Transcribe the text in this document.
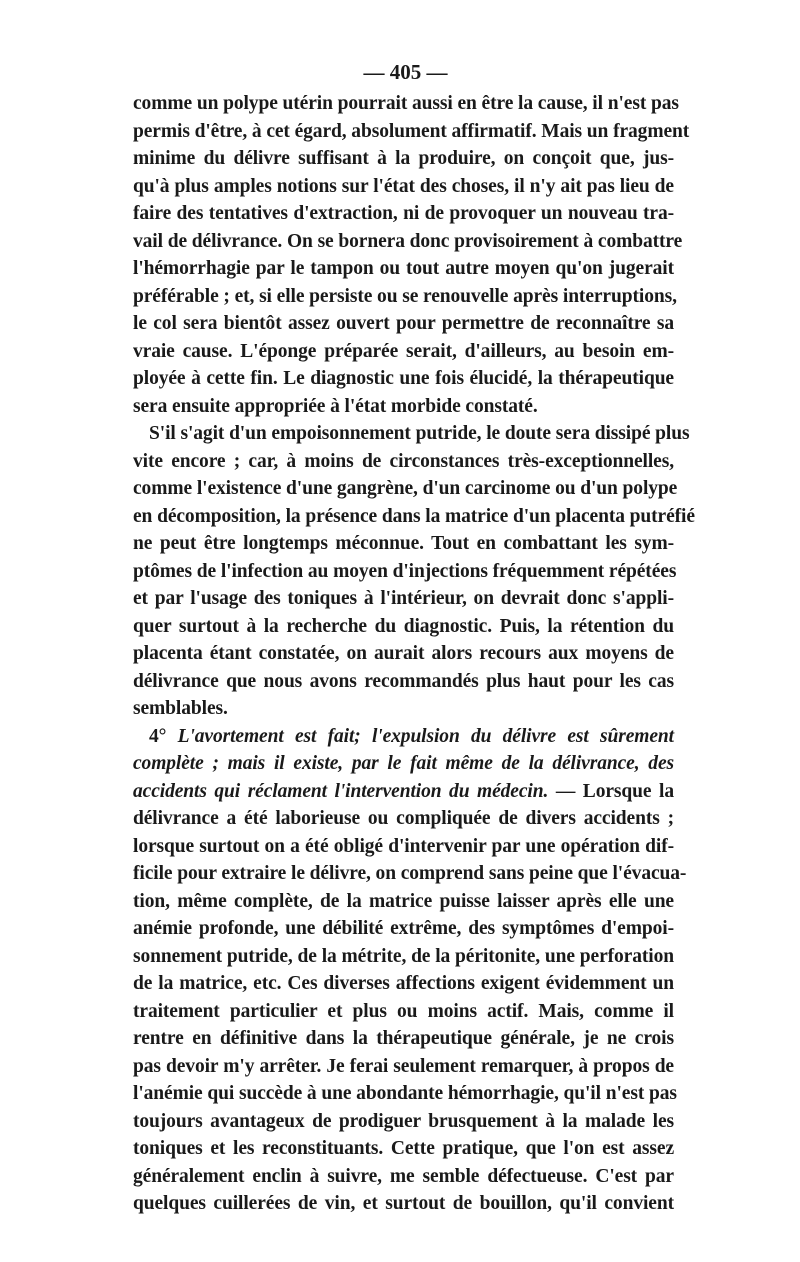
— 405 —
comme un polype utérin pourrait aussi en être la cause, il n'est pas
permis d'être, à cet égard, absolument affirmatif. Mais un fragment
minime du délivre suffisant à la produire, on conçoit que, jus-
qu'à plus amples notions sur l'état des choses, il n'y ait pas lieu de
faire des tentatives d'extraction, ni de provoquer un nouveau tra-
vail de délivrance. On se bornera donc provisoirement à combattre
l'hémorrhagie par le tampon ou tout autre moyen qu'on jugerait
préférable ; et, si elle persiste ou se renouvelle après interruptions,
le col sera bientôt assez ouvert pour permettre de reconnaître sa
vraie cause. L'éponge préparée serait, d'ailleurs, au besoin em-
ployée à cette fin. Le diagnostic une fois élucidé, la thérapeutique
sera ensuite appropriée à l'état morbide constaté.
S'il s'agit d'un empoisonnement putride, le doute sera dissipé plus
vite encore ; car, à moins de circonstances très-exceptionnelles,
comme l'existence d'une gangrène, d'un carcinome ou d'un polype
en décomposition, la présence dans la matrice d'un placenta putréfié
ne peut être longtemps méconnue. Tout en combattant les sym-
ptômes de l'infection au moyen d'injections fréquemment répétées
et par l'usage des toniques à l'intérieur, on devrait donc s'appli-
quer surtout à la recherche du diagnostic. Puis, la rétention du
placenta étant constatée, on aurait alors recours aux moyens de
délivrance que nous avons recommandés plus haut pour les cas
semblables.
4° L'avortement est fait; l'expulsion du délivre est sûrement
complète ; mais il existe, par le fait même de la délivrance, des
accidents qui réclament l'intervention du médecin. — Lorsque la
délivrance a été laborieuse ou compliquée de divers accidents ;
lorsque surtout on a été obligé d'intervenir par une opération dif-
ficile pour extraire le délivre, on comprend sans peine que l'évacua-
tion, même complète, de la matrice puisse laisser après elle une
anémie profonde, une débilité extrême, des symptômes d'empoi-
sonnement putride, de la métrite, de la péritonite, une perforation
de la matrice, etc. Ces diverses affections exigent évidemment un
traitement particulier et plus ou moins actif. Mais, comme il
rentre en définitive dans la thérapeutique générale, je ne crois
pas devoir m'y arrêter. Je ferai seulement remarquer, à propos de
l'anémie qui succède à une abondante hémorrhagie, qu'il n'est pas
toujours avantageux de prodiguer brusquement à la malade les
toniques et les reconstituants. Cette pratique, que l'on est assez
généralement enclin à suivre, me semble défectueuse. C'est par
quelques cuillerées de vin, et surtout de bouillon, qu'il convient
